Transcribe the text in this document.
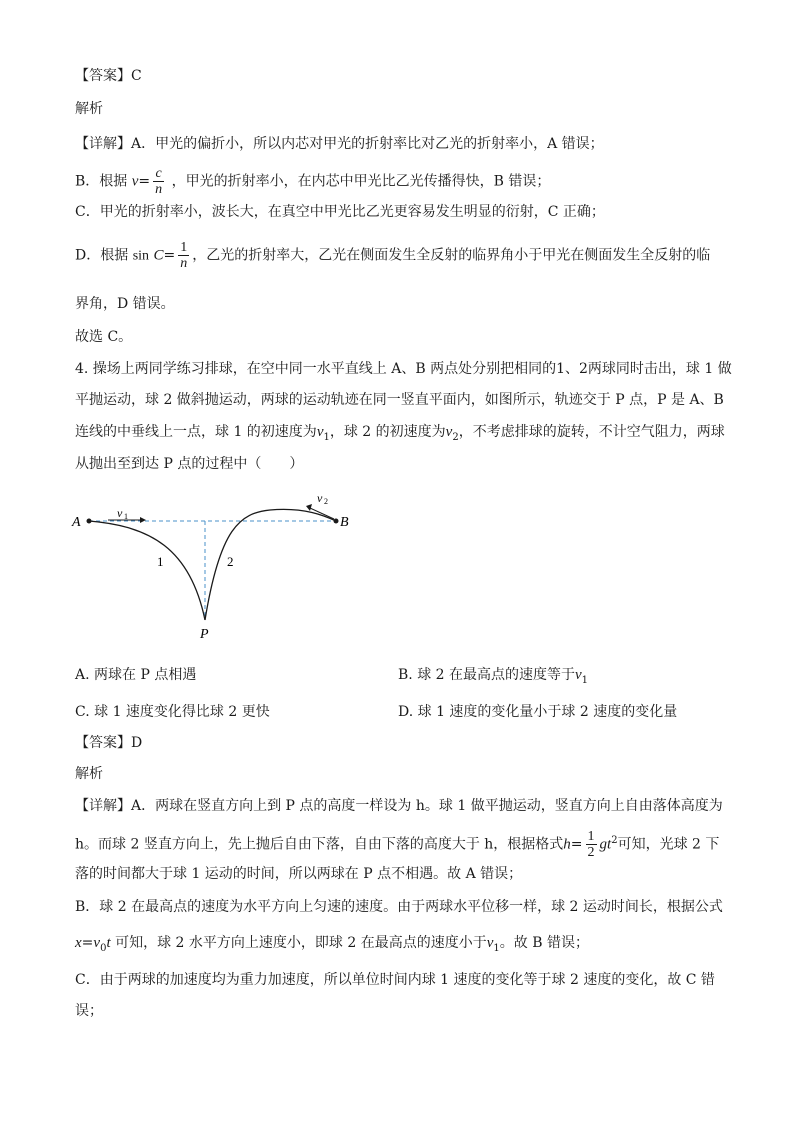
【答案】C
解析
【详解】A．甲光的偏折小，所以内芯对甲光的折射率比对乙光的折射率小，A 错误；
B．根据 $v= \frac{c}{n}$ ，甲光的折射率小，在内芯中甲光比乙光传播得快，B 错误；
C．甲光的折射率小，波长大，在真空中甲光比乙光更容易发生明显的衍射，C 正确；
D．根据 $\sin C= \frac{1}{n}$ ，乙光的折射率大，乙光在侧面发生全反射的临界角小于甲光在侧面发生全反射的临
界角，D 错误。
故选 C。
4. 操场上两同学练习排球，在空中同一水平直线上 A、B 两点处分别把相同的1、2两球同时击出，球 1 做
平抛运动，球 2 做斜抛运动，两球的运动轨迹在同一竖直平面内，如图所示，轨迹交于 P 点，P 是 A、B
连线的中垂线上一点，球 1 的初速度为$v_1$，球 2 的初速度为$v_2$，不考虑排球的旋转，不计空气阻力，两球
从抛出至到达 P 点的过程中（　　）
A	B
P
1	2
v 1
v 2
A. 两球在 P 点相遇	B. 球 2 在最高点的速度等于$v_1$
C. 球 1 速度变化得比球 2 更快	D. 球 1 速度的变化量小于球 2 速度的变化量
【答案】D
解析
【详解】A．两球在竖直方向上到 P 点的高度一样设为 h。球 1 做平抛运动，竖直方向上自由落体高度为
h。而球 2 竖直方向上，先上抛后自由下落，自由下落的高度大于 h，根据格式$h= \frac{1}{2} gt^2$可知，光球 2 下
落的时间都大于球 1 运动的时间，所以两球在 P 点不相遇。故 A 错误；
B．球 2 在最高点的速度为水平方向上匀速的速度。由于两球水平位移一样，球 2 运动时间长，根据公式
$x=v_0t$ 可知，球 2 水平方向上速度小，即球 2 在最高点的速度小于$v_1$。故 B 错误；
C．由于两球的加速度均为重力加速度，所以单位时间内球 1 速度的变化等于球 2 速度的变化，故 C 错
误；
